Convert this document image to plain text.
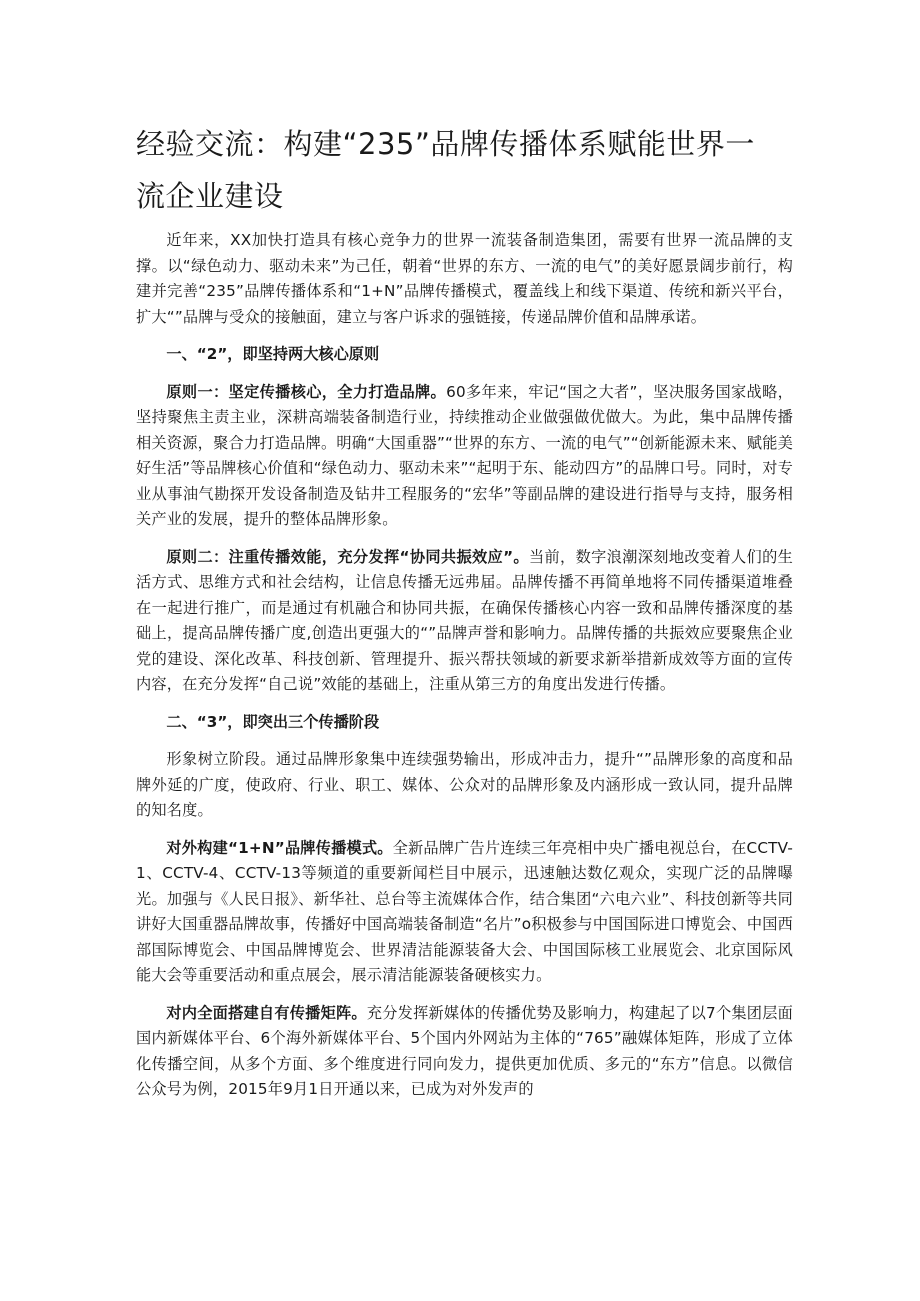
经验交流：构建“235”品牌传播体系赋能世界一流企业建设

近年来，XX加快打造具有核心竞争力的世界一流装备制造集团，需要有世界一流品牌的支撑。以“绿色动力、驱动未来”为己任，朝着“世界的东方、一流的电气”的美好愿景阔步前行，构建并完善“235”品牌传播体系和“1+N”品牌传播模式，覆盖线上和线下渠道、传统和新兴平台，扩大“”品牌与受众的接触面，建立与客户诉求的强链接，传递品牌价值和品牌承诺。

一、“2”，即坚持两大核心原则

原则一：坚定传播核心，全力打造品牌。60多年来，牢记“国之大者”，坚决服务国家战略，坚持聚焦主责主业，深耕高端装备制造行业，持续推动企业做强做优做大。为此，集中品牌传播相关资源，聚合力打造品牌。明确“大国重器”“世界的东方、一流的电气”“创新能源未来、赋能美好生活”等品牌核心价值和“绿色动力、驱动未来”“起明于东、能动四方”的品牌口号。同时，对专业从事油气勘探开发设备制造及钻井工程服务的“宏华”等副品牌的建设进行指导与支持，服务相关产业的发展，提升的整体品牌形象。

原则二：注重传播效能，充分发挥“协同共振效应”。当前，数字浪潮深刻地改变着人们的生活方式、思维方式和社会结构，让信息传播无远弗届。品牌传播不再简单地将不同传播渠道堆叠在一起进行推广，而是通过有机融合和协同共振，在确保传播核心内容一致和品牌传播深度的基础上，提高品牌传播广度,创造出更强大的“”品牌声誉和影响力。品牌传播的共振效应要聚焦企业党的建设、深化改革、科技创新、管理提升、振兴帮扶领域的新要求新举措新成效等方面的宣传内容，在充分发挥“自己说”效能的基础上，注重从第三方的角度出发进行传播。

二、“3”，即突出三个传播阶段

形象树立阶段。通过品牌形象集中连续强势输出，形成冲击力，提升“”品牌形象的高度和品牌外延的广度，使政府、行业、职工、媒体、公众对的品牌形象及内涵形成一致认同，提升品牌的知名度。

对外构建“1+N”品牌传播模式。全新品牌广告片连续三年亮相中央广播电视总台，在CCTV-1、CCTV-4、CCTV-13等频道的重要新闻栏目中展示，迅速触达数亿观众，实现广泛的品牌曝光。加强与《人民日报》、新华社、总台等主流媒体合作，结合集团“六电六业”、科技创新等共同讲好大国重器品牌故事，传播好中国高端装备制造“名片”o积极参与中国国际进口博览会、中国西部国际博览会、中国品牌博览会、世界清洁能源装备大会、中国国际核工业展览会、北京国际风能大会等重要活动和重点展会，展示清洁能源装备硬核实力。

对内全面搭建自有传播矩阵。充分发挥新媒体的传播优势及影响力，构建起了以7个集团层面国内新媒体平台、6个海外新媒体平台、5个国内外网站为主体的“765”融媒体矩阵，形成了立体化传播空间，从多个方面、多个维度进行同向发力，提供更加优质、多元的“东方”信息。以微信公众号为例，2015年9月1日开通以来，已成为对外发声的
